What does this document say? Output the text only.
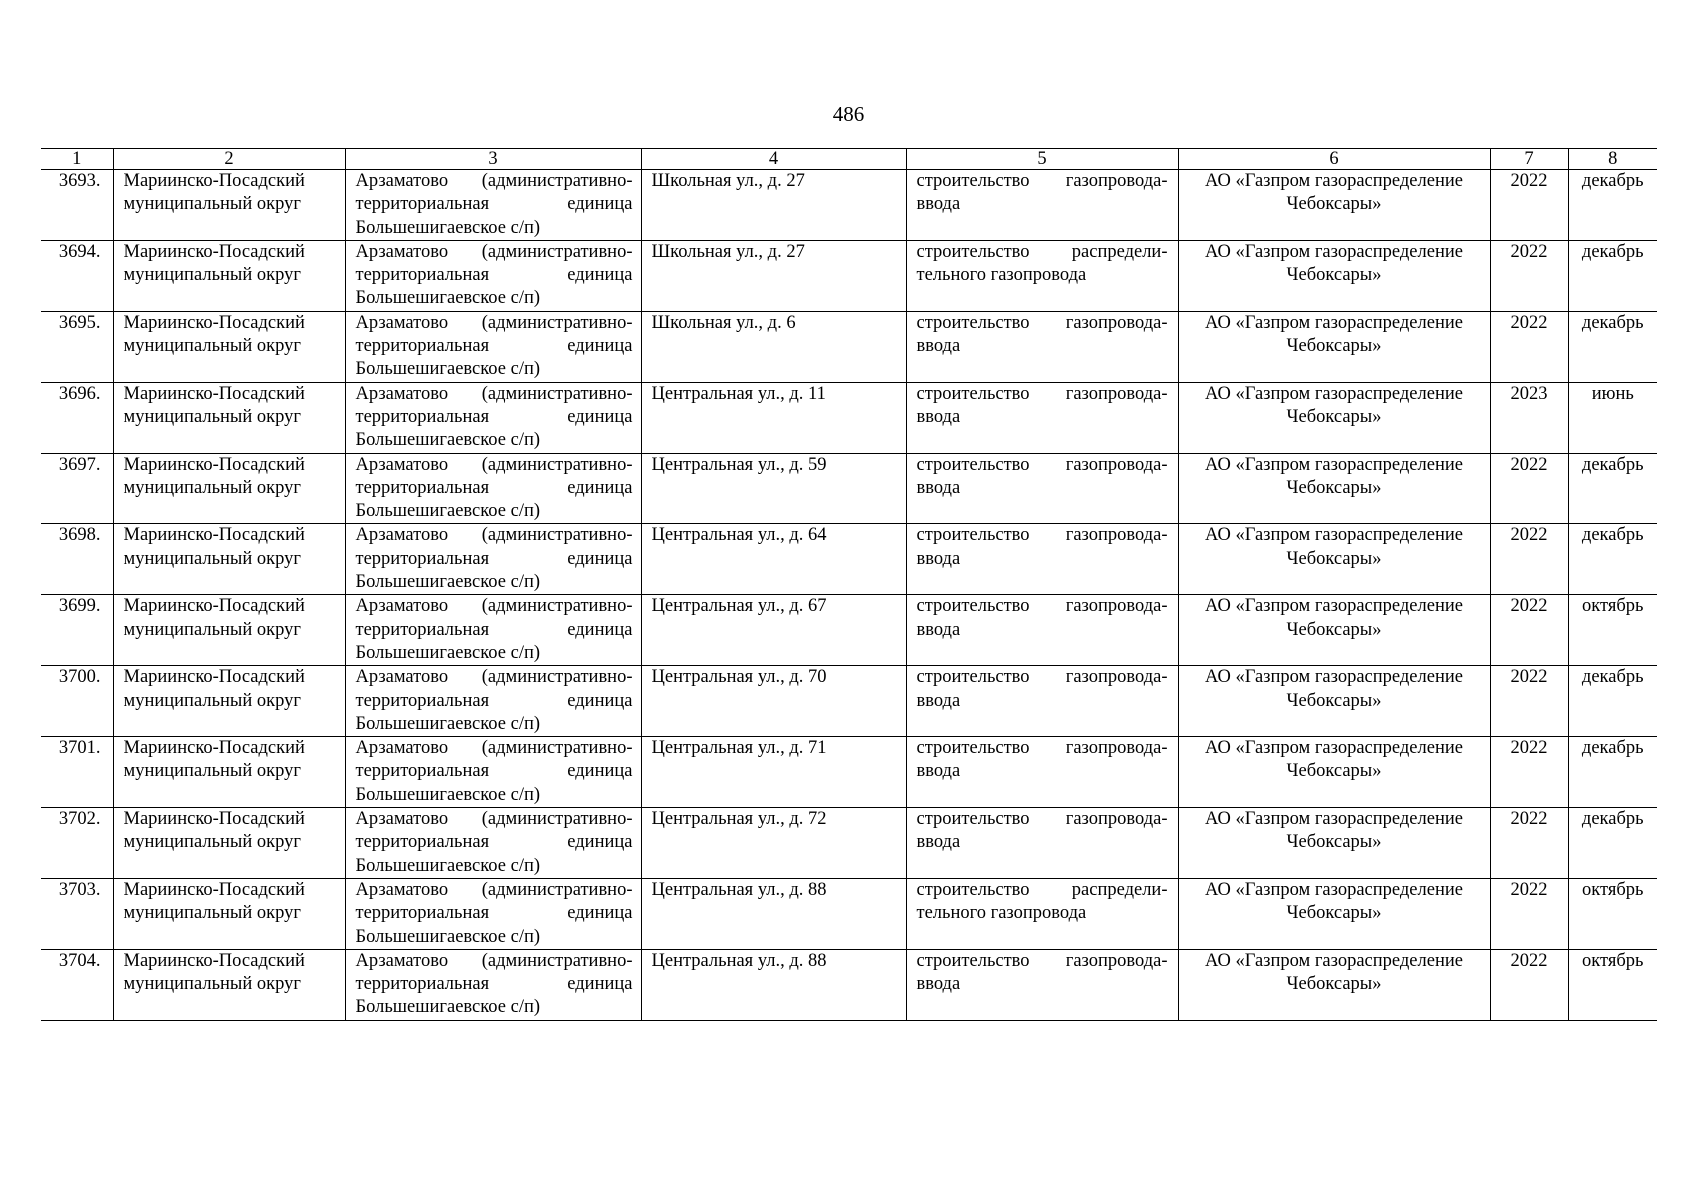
486
1	2	3	4	5	6	7	8
3693.	Мариинско-Посадский муниципальный округ	Арзаматово (административно-территориальная единица Большешигаевское с/п)	Школьная ул., д. 27	строительство газопровода-ввода	АО «Газпром газораспределение Чебоксары»	2022	декабрь
3694.	Мариинско-Посадский муниципальный округ	Арзаматово (административно-территориальная единица Большешигаевское с/п)	Школьная ул., д. 27	строительство распредели-тельного газопровода	АО «Газпром газораспределение Чебоксары»	2022	декабрь
3695.	Мариинско-Посадский муниципальный округ	Арзаматово (административно-территориальная единица Большешигаевское с/п)	Школьная ул., д. 6	строительство газопровода-ввода	АО «Газпром газораспределение Чебоксары»	2022	декабрь
3696.	Мариинско-Посадский муниципальный округ	Арзаматово (административно-территориальная единица Большешигаевское с/п)	Центральная ул., д. 11	строительство газопровода-ввода	АО «Газпром газораспределение Чебоксары»	2023	июнь
3697.	Мариинско-Посадский муниципальный округ	Арзаматово (административно-территориальная единица Большешигаевское с/п)	Центральная ул., д. 59	строительство газопровода-ввода	АО «Газпром газораспределение Чебоксары»	2022	декабрь
3698.	Мариинско-Посадский муниципальный округ	Арзаматово (административно-территориальная единица Большешигаевское с/п)	Центральная ул., д. 64	строительство газопровода-ввода	АО «Газпром газораспределение Чебоксары»	2022	декабрь
3699.	Мариинско-Посадский муниципальный округ	Арзаматово (административно-территориальная единица Большешигаевское с/п)	Центральная ул., д. 67	строительство газопровода-ввода	АО «Газпром газораспределение Чебоксары»	2022	октябрь
3700.	Мариинско-Посадский муниципальный округ	Арзаматово (административно-территориальная единица Большешигаевское с/п)	Центральная ул., д. 70	строительство газопровода-ввода	АО «Газпром газораспределение Чебоксары»	2022	декабрь
3701.	Мариинско-Посадский муниципальный округ	Арзаматово (административно-территориальная единица Большешигаевское с/п)	Центральная ул., д. 71	строительство газопровода-ввода	АО «Газпром газораспределение Чебоксары»	2022	декабрь
3702.	Мариинско-Посадский муниципальный округ	Арзаматово (административно-территориальная единица Большешигаевское с/п)	Центральная ул., д. 72	строительство газопровода-ввода	АО «Газпром газораспределение Чебоксары»	2022	декабрь
3703.	Мариинско-Посадский муниципальный округ	Арзаматово (административно-территориальная единица Большешигаевское с/п)	Центральная ул., д. 88	строительство распредели-тельного газопровода	АО «Газпром газораспределение Чебоксары»	2022	октябрь
3704.	Мариинско-Посадский муниципальный округ	Арзаматово (административно-территориальная единица Большешигаевское с/п)	Центральная ул., д. 88	строительство газопровода-ввода	АО «Газпром газораспределение Чебоксары»	2022	октябрь
